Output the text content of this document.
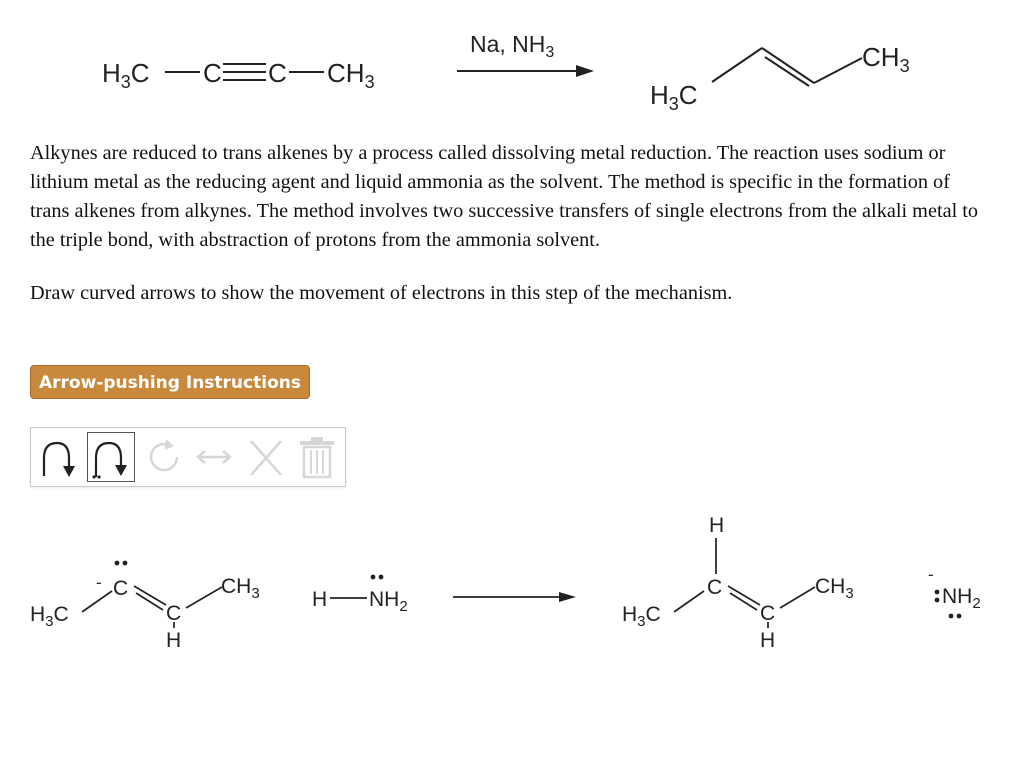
$H_3C$ C C $CH_3$
Na, $NH_3$
$H_3C$
$CH_3$

Alkynes are reduced to trans alkenes by a process called dissolving metal reduction. The reaction uses sodium or lithium metal as the reducing agent and liquid ammonia as the solvent. The method is specific in the formation of trans alkenes from alkynes. The method involves two successive transfers of single electrons from the alkali metal to the triple bond, with abstraction of protons from the ammonia solvent.

Draw curved arrows to show the movement of electrons in this step of the mechanism.

Arrow-pushing Instructions
$H_3C$
- C
C
H
$CH_3$ H $NH_2$	$H_3C$
C
H
C
H
$CH_3$
-
$NH_2$
